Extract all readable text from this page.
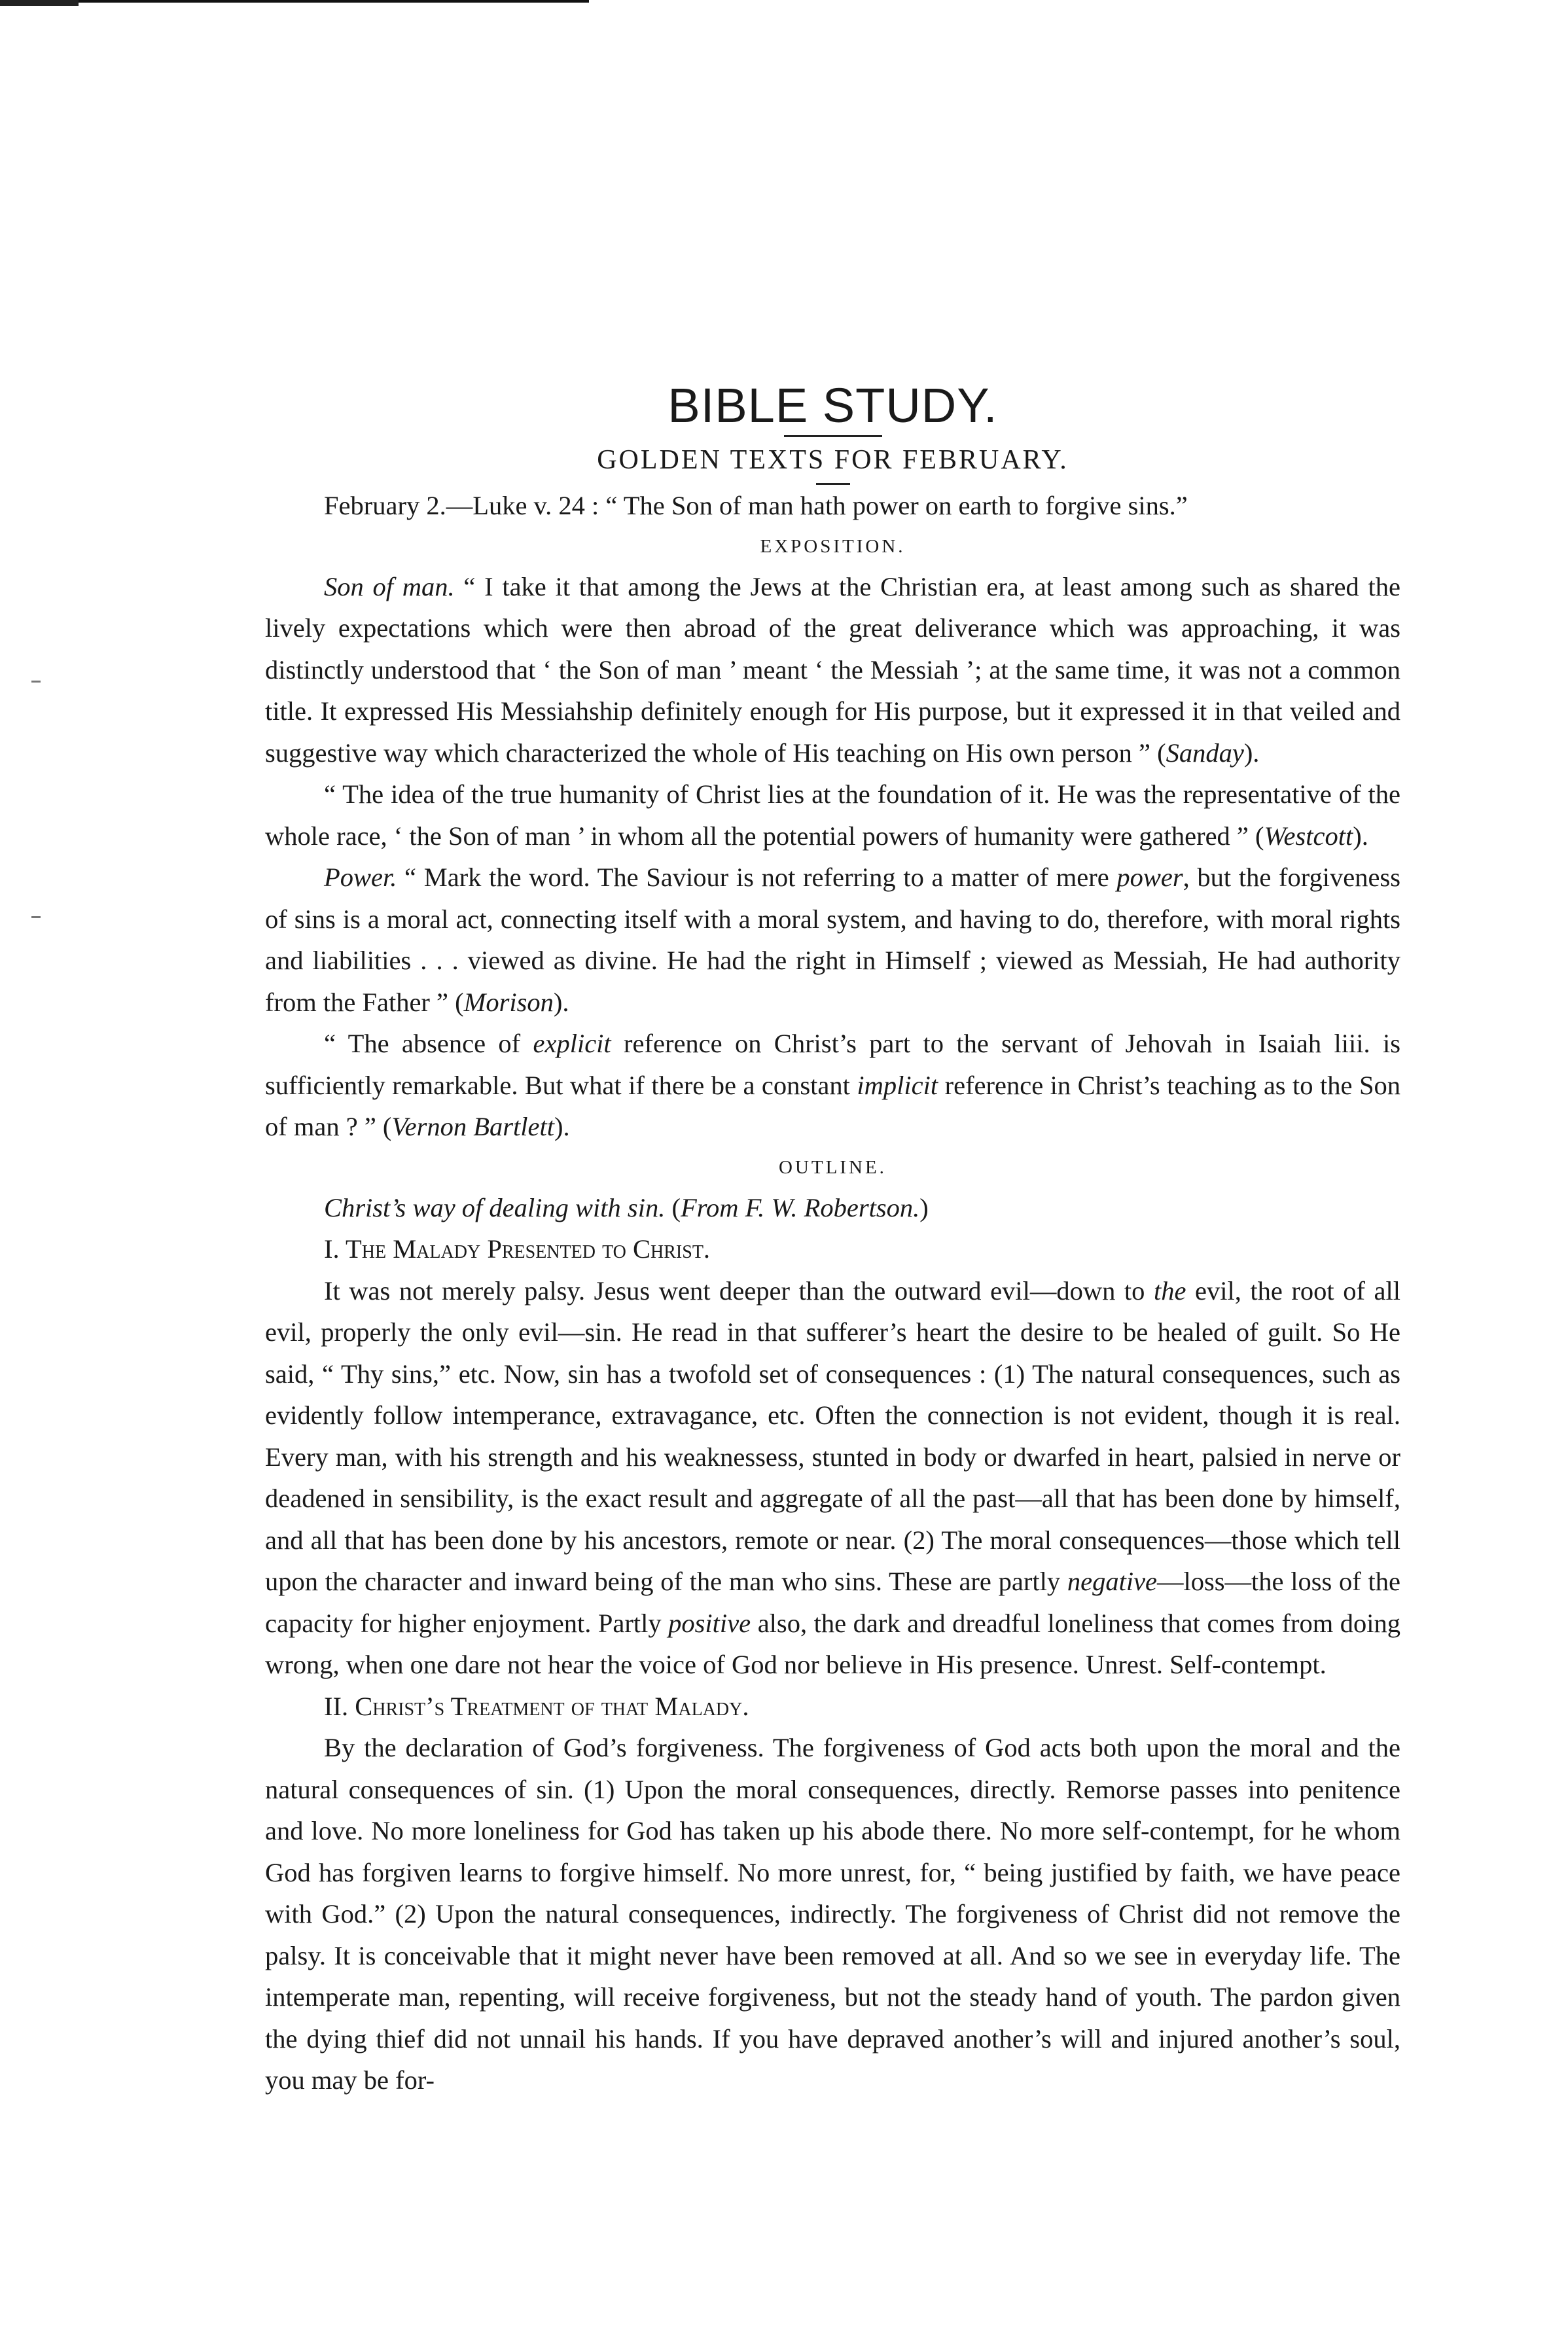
BIBLE STUDY.
GOLDEN TEXTS FOR FEBRUARY.

February 2.—Luke v. 24 : “ The Son of man hath power on earth to forgive sins.”

EXPOSITION.

Son of man. “ I take it that among the Jews at the Christian era, at least among such as shared the lively expectations which were then abroad of the great deliverance which was approaching, it was distinctly understood that ‘ the Son of man ’ meant ‘ the Messiah ’; at the same time, it was not a common title. It expressed His Messiahship definitely enough for His purpose, but it expressed it in that veiled and suggestive way which characterized the whole of His teaching on His own person ” (Sanday).

“ The idea of the true humanity of Christ lies at the foundation of it. He was the representative of the whole race, ‘ the Son of man ’ in whom all the potential powers of humanity were gathered ” (Westcott).

Power. “ Mark the word. The Saviour is not referring to a matter of mere power, but the forgiveness of sins is a moral act, connecting itself with a moral system, and having to do, therefore, with moral rights and liabilities . . . viewed as divine. He had the right in Himself ; viewed as Messiah, He had authority from the Father ” (Morison).

“ The absence of explicit reference on Christ’s part to the servant of Jehovah in Isaiah liii. is sufficiently remarkable. But what if there be a constant implicit reference in Christ’s teaching as to the Son of man ? ” (Vernon Bartlett).

OUTLINE.

Christ’s way of dealing with sin. (From F. W. Robertson.)

I. The Malady Presented to Christ.

It was not merely palsy. Jesus went deeper than the outward evil—down to the evil, the root of all evil, properly the only evil—sin. He read in that sufferer’s heart the desire to be healed of guilt. So He said, “ Thy sins,” etc. Now, sin has a twofold set of consequences : (1) The natural consequences, such as evidently follow intemperance, extravagance, etc. Often the connection is not evident, though it is real. Every man, with his strength and his weaknessess, stunted in body or dwarfed in heart, palsied in nerve or deadened in sensibility, is the exact result and aggregate of all the past—all that has been done by himself, and all that has been done by his ancestors, remote or near. (2) The moral consequences—those which tell upon the character and inward being of the man who sins. These are partly negative—loss—the loss of the capacity for higher enjoyment. Partly positive also, the dark and dreadful loneliness that comes from doing wrong, when one dare not hear the voice of God nor believe in His presence. Unrest. Self-contempt.

II. Christ’s Treatment of that Malady.

By the declaration of God’s forgiveness. The forgiveness of God acts both upon the moral and the natural consequences of sin. (1) Upon the moral consequences, directly. Remorse passes into penitence and love. No more loneliness for God has taken up his abode there. No more self-contempt, for he whom God has forgiven learns to forgive himself. No more unrest, for, “ being justified by faith, we have peace with God.” (2) Upon the natural consequences, indirectly. The forgiveness of Christ did not remove the palsy. It is conceivable that it might never have been removed at all. And so we see in everyday life. The intemperate man, repenting, will receive forgiveness, but not the steady hand of youth. The pardon given the dying thief did not unnail his hands. If you have depraved another’s will and injured another’s soul, you may be for-
